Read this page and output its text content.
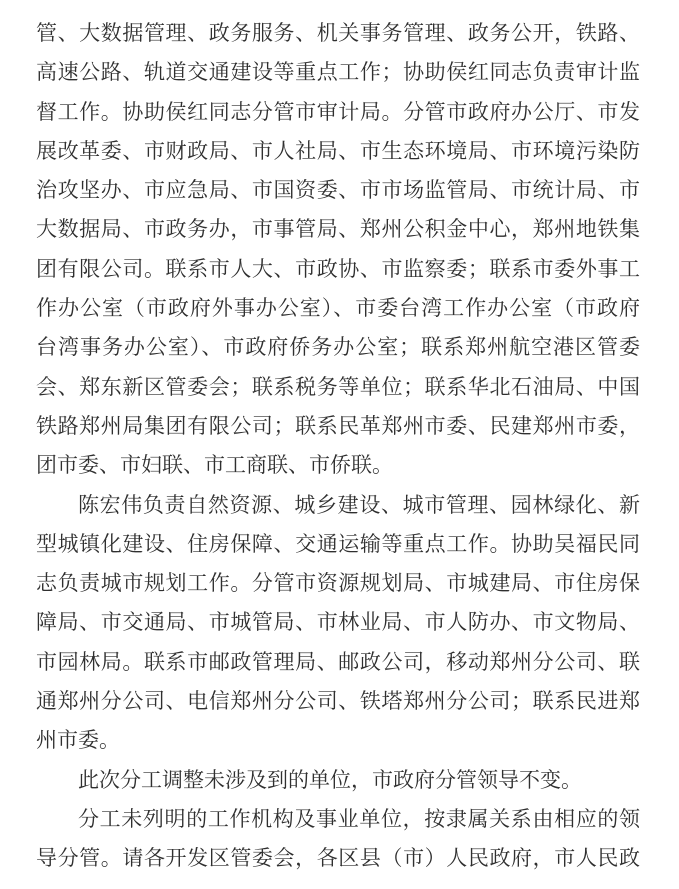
管、大数据管理、政务服务、机关事务管理、政务公开，铁路、
高速公路、轨道交通建设等重点工作；协助侯红同志负责审计监
督工作。协助侯红同志分管市审计局。分管市政府办公厅、市发
展改革委、市财政局、市人社局、市生态环境局、市环境污染防
治攻坚办、市应急局、市国资委、市市场监管局、市统计局、市
大数据局、市政务办，市事管局、郑州公积金中心，郑州地铁集
团有限公司。联系市人大、市政协、市监察委；联系市委外事工
作办公室（市政府外事办公室）、市委台湾工作办公室（市政府
台湾事务办公室）、市政府侨务办公室；联系郑州航空港区管委
会、郑东新区管委会；联系税务等单位；联系华北石油局、中国
铁路郑州局集团有限公司；联系民革郑州市委、民建郑州市委，
团市委、市妇联、市工商联、市侨联。
陈宏伟负责自然资源、城乡建设、城市管理、园林绿化、新
型城镇化建设、住房保障、交通运输等重点工作。协助吴福民同
志负责城市规划工作。分管市资源规划局、市城建局、市住房保
障局、市交通局、市城管局、市林业局、市人防办、市文物局、
市园林局。联系市邮政管理局、邮政公司，移动郑州分公司、联
通郑州分公司、电信郑州分公司、铁塔郑州分公司；联系民进郑
州市委。
此次分工调整未涉及到的单位，市政府分管领导不变。
分工未列明的工作机构及事业单位，按隶属关系由相应的领
导分管。请各开发区管委会，各区县（市）人民政府，市人民政
